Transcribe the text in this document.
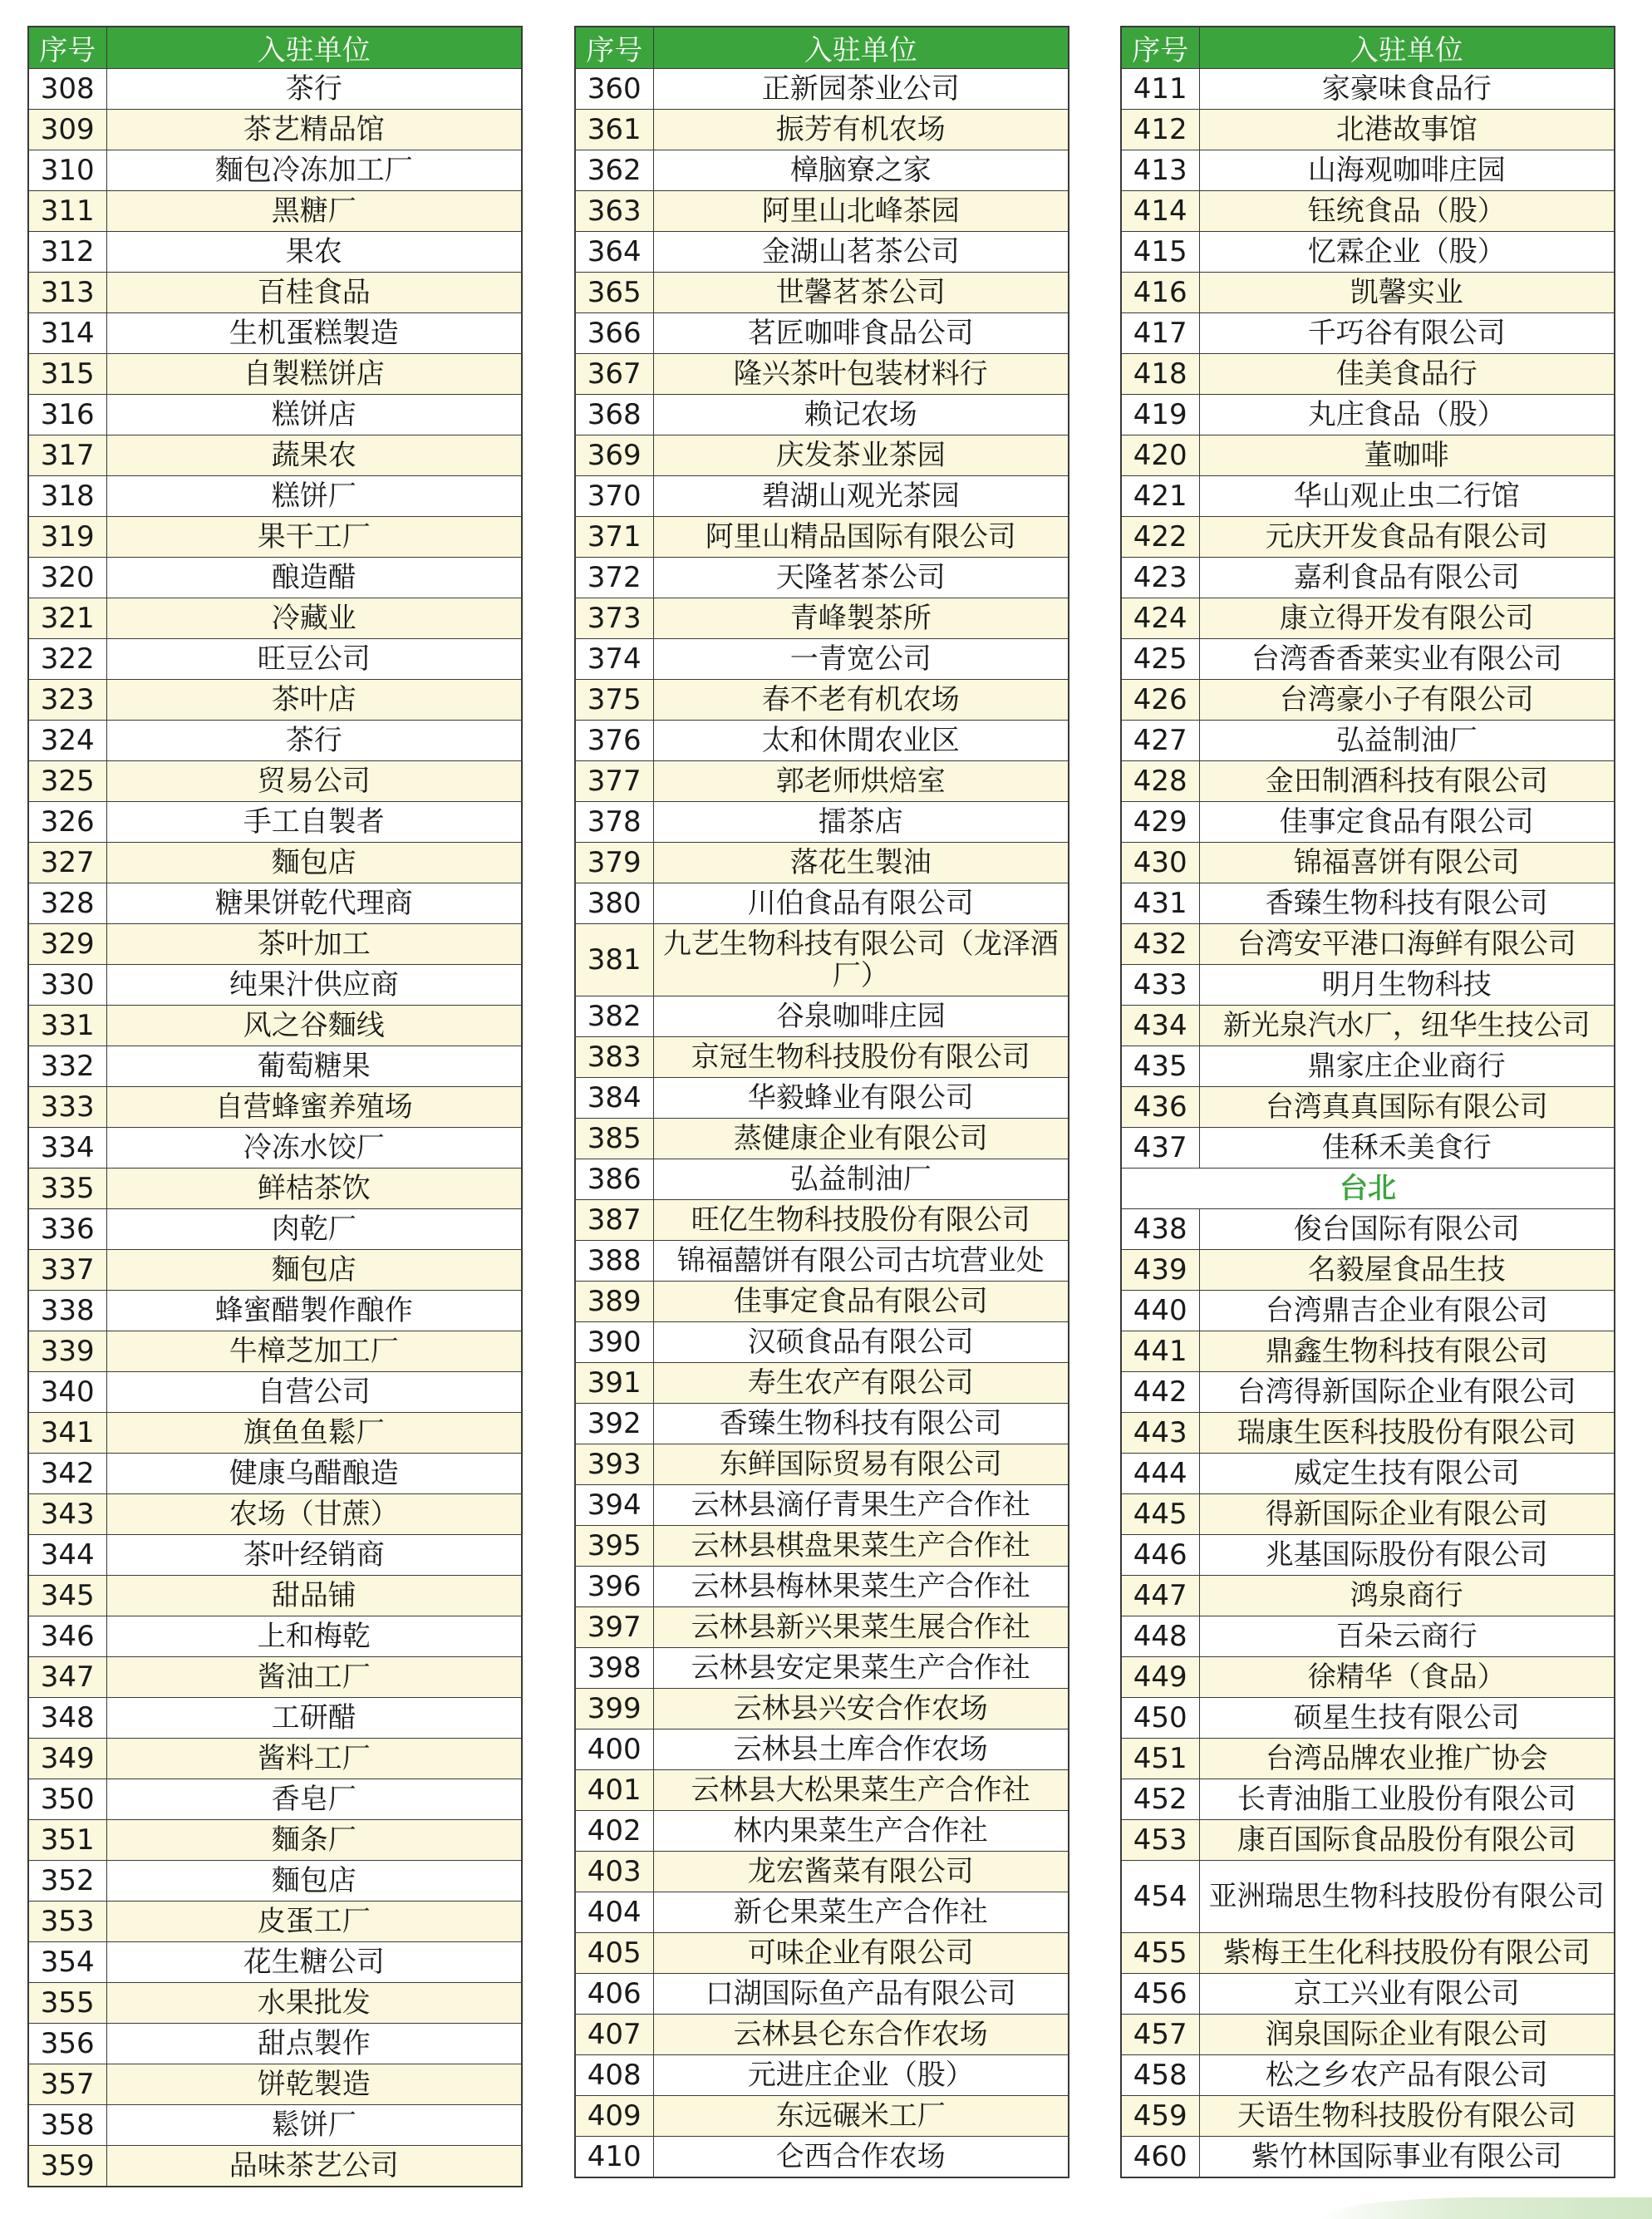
序号	入驻单位
308	茶行
309	茶艺精品馆
310	麵包冷冻加工厂
311	黑糖厂
312	果农
313	百桂食品
314	生机蛋糕製造
315	自製糕饼店
316	糕饼店
317	蔬果农
318	糕饼厂
319	果干工厂
320	酿造醋
321	冷藏业
322	旺豆公司
323	茶叶店
324	茶行
325	贸易公司
326	手工自製者
327	麵包店
328	糖果饼乾代理商
329	茶叶加工
330	纯果汁供应商
331	风之谷麵线
332	葡萄糖果
333	自营蜂蜜养殖场
334	冷冻水饺厂
335	鲜桔茶饮
336	肉乾厂
337	麵包店
338	蜂蜜醋製作酿作
339	牛樟芝加工厂
340	自营公司
341	旗鱼鱼鬆厂
342	健康乌醋酿造
343	农场（甘蔗）
344	茶叶经销商
345	甜品铺
346	上和梅乾
347	酱油工厂
348	工研醋
349	酱料工厂
350	香皂厂
351	麵条厂
352	麵包店
353	皮蛋工厂
354	花生糖公司
355	水果批发
356	甜点製作
357	饼乾製造
358	鬆饼厂
359	品味茶艺公司
序号	入驻单位
360	正新园茶业公司
361	振芳有机农场
362	樟脑寮之家
363	阿里山北峰茶园
364	金湖山茗茶公司
365	世馨茗茶公司
366	茗匠咖啡食品公司
367	隆兴茶叶包装材料行
368	赖记农场
369	庆发茶业茶园
370	碧湖山观光茶园
371	阿里山精品国际有限公司
372	天隆茗茶公司
373	青峰製茶所
374	一青宽公司
375	春不老有机农场
376	太和休閒农业区
377	郭老师烘焙室
378	擂茶店
379	落花生製油
380	川伯食品有限公司
381	九艺生物科技有限公司（龙泽酒厂）
382	谷泉咖啡庄园
383	京冠生物科技股份有限公司
384	华毅蜂业有限公司
385	蒸健康企业有限公司
386	弘益制油厂
387	旺亿生物科技股份有限公司
388	锦福囍饼有限公司古坑营业处
389	佳事定食品有限公司
390	汉硕食品有限公司
391	寿生农产有限公司
392	香臻生物科技有限公司
393	东鲜国际贸易有限公司
394	云林县滴仔青果生产合作社
395	云林县棋盘果菜生产合作社
396	云林县梅林果菜生产合作社
397	云林县新兴果菜生展合作社
398	云林县安定果菜生产合作社
399	云林县兴安合作农场
400	云林县土库合作农场
401	云林县大松果菜生产合作社
402	林内果菜生产合作社
403	龙宏酱菜有限公司
404	新仑果菜生产合作社
405	可味企业有限公司
406	口湖国际鱼产品有限公司
407	云林县仑东合作农场
408	元进庄企业（股）
409	东远碾米工厂
410	仑西合作农场
序号	入驻单位
411	家豪味食品行
412	北港故事馆
413	山海观咖啡庄园
414	钰统食品（股）
415	忆霖企业（股）
416	凯馨实业
417	千巧谷有限公司
418	佳美食品行
419	丸庄食品（股）
420	董咖啡
421	华山观止虫二行馆
422	元庆开发食品有限公司
423	嘉利食品有限公司
424	康立得开发有限公司
425	台湾香香莱实业有限公司
426	台湾豪小子有限公司
427	弘益制油厂
428	金田制酒科技有限公司
429	佳事定食品有限公司
430	锦福喜饼有限公司
431	香臻生物科技有限公司
432	台湾安平港口海鲜有限公司
433	明月生物科技
434	新光泉汽水厂，纽华生技公司
435	鼎家庄企业商行
436	台湾真真国际有限公司
437	佳秝禾美食行
台北	
438	俊台国际有限公司
439	名毅屋食品生技
440	台湾鼎吉企业有限公司
441	鼎鑫生物科技有限公司
442	台湾得新国际企业有限公司
443	瑞康生医科技股份有限公司
444	威定生技有限公司
445	得新国际企业有限公司
446	兆基国际股份有限公司
447	鸿泉商行
448	百朵云商行
449	徐精华（食品）
450	硕星生技有限公司
451	台湾品牌农业推广协会
452	长青油脂工业股份有限公司
453	康百国际食品股份有限公司
454	亚洲瑞思生物科技股份有限公司
455	紫梅王生化科技股份有限公司
456	京工兴业有限公司
457	润泉国际企业有限公司
458	松之乡农产品有限公司
459	天语生物科技股份有限公司
460	紫竹林国际事业有限公司
